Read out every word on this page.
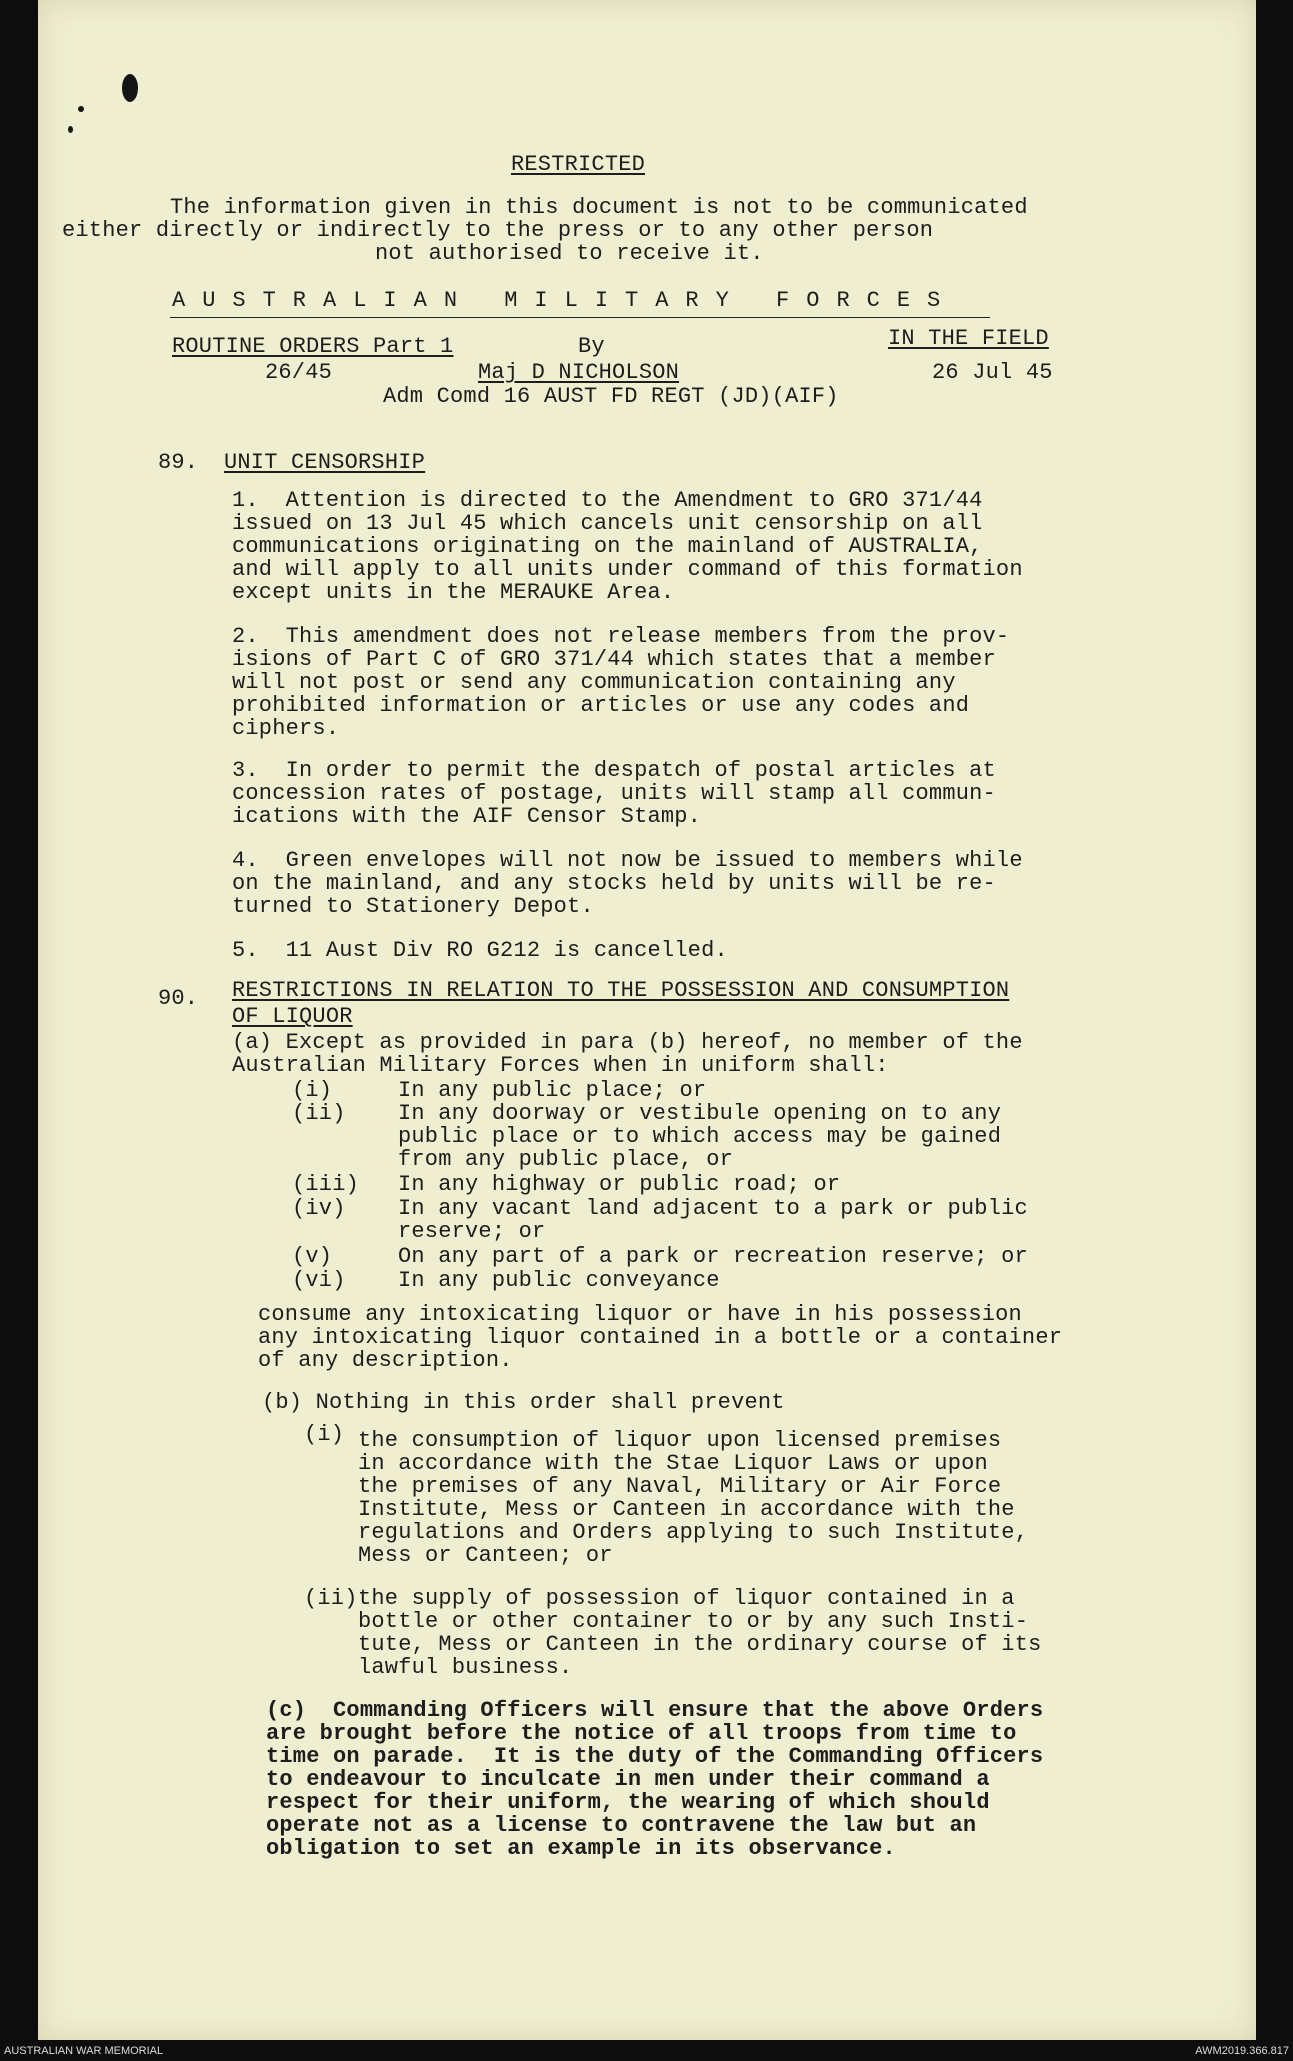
RESTRICTED
The information given in this document is not to be communicated
either directly or indirectly to the press or to any other person
not authorised to receive it.
AUSTRALIAN MILITARY FORCES
ROUTINE ORDERS Part 1	By	IN THE FIELD
26/45	Maj D NICHOLSON	26 Jul 45
Adm Comd 16 AUST FD REGT (JD)(AIF)
89. UNIT CENSORSHIP
1.  Attention is directed to the Amendment to GRO 371/44
issued on 13 Jul 45 which cancels unit censorship on all
communications originating on the mainland of AUSTRALIA,
and will apply to all units under command of this formation
except units in the MERAUKE Area.
2.  This amendment does not release members from the prov-
isions of Part C of GRO 371/44 which states that a member
will not post or send any communication containing any
prohibited information or articles or use any codes and
ciphers.
3.  In order to permit the despatch of postal articles at
concession rates of postage, units will stamp all commun-
ications with the AIF Censor Stamp.
4.  Green envelopes will not now be issued to members while
on the mainland, and any stocks held by units will be re-
turned to Stationery Depot.
5.  11 Aust Div RO G212 is cancelled.
90. RESTRICTIONS IN RELATION TO THE POSSESSION AND CONSUMPTION
OF LIQUOR
(a) Except as provided in para (b) hereof, no member of the
Australian Military Forces when in uniform shall:
(i)	In any public place; or
(ii) In any doorway or vestibule opening on to any
public place or to which access may be gained
from any public place, or
(iii) In any highway or public road; or
(iv) In any vacant land adjacent to a park or public
reserve; or
(v)	On any part of a park or recreation reserve; or
(vi) In any public conveyance
consume any intoxicating liquor or have in his possession
any intoxicating liquor contained in a bottle or a container
of any description.
(b) Nothing in this order shall prevent
(i) the consumption of liquor upon licensed premises
in accordance with the Stae Liquor Laws or upon
the premises of any Naval, Military or Air Force
Institute, Mess or Canteen in accordance with the
regulations and Orders applying to such Institute,
Mess or Canteen; or
(ii) the supply of possession of liquor contained in a
bottle or other container to or by any such Insti-
tute, Mess or Canteen in the ordinary course of its
lawful business.
(c)  Commanding Officers will ensure that the above Orders
are brought before the notice of all troops from time to
time on parade.  It is the duty of the Commanding Officers
to endeavour to inculcate in men under their command a
respect for their uniform, the wearing of which should
operate not as a license to contravene the law but an
obligation to set an example in its observance.
AUSTRALIAN WAR MEMORIAL	AWM2019.366.817
